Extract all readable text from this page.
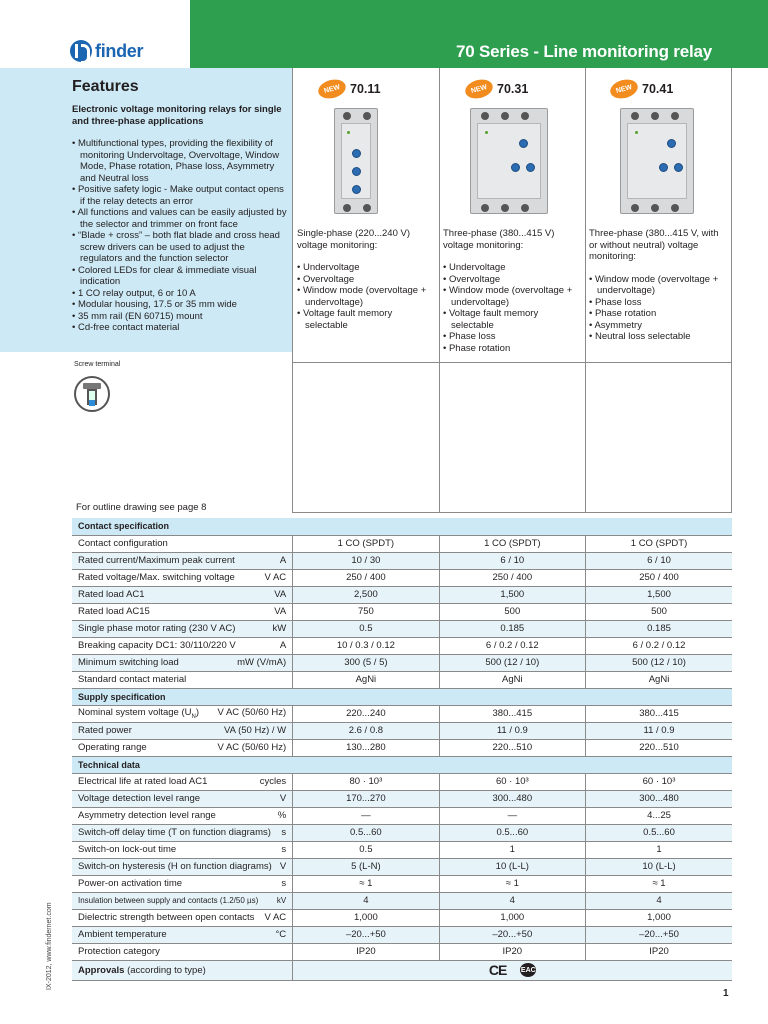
70 Series - Line monitoring relay
finder
Features
Electronic voltage monitoring relays for single and three-phase applications
• Multifunctional types, providing the flexibility of monitoring Undervoltage, Overvoltage, Window Mode, Phase rotation, Phase loss, Asymmetry and Neutral loss
• Positive safety logic - Make output contact opens if the relay detects an error
• All functions and values can be easily adjusted by the selector and trimmer on front face
• “Blade + cross” – both flat blade and cross head screw drivers can be used to adjust the regulators and the function selector
• Colored LEDs for clear & immediate visual indication
• 1 CO relay output, 6 or 10 A
• Modular housing, 17.5 or 35 mm wide
• 35 mm rail (EN 60715) mount
• Cd-free contact material
NEW 70.11
Single-phase (220...240 V) voltage monitoring:
• Undervoltage
• Overvoltage
• Window mode (overvoltage + undervoltage)
• Voltage fault memory selectable
NEW 70.31
Three-phase (380...415 V) voltage monitoring:
• Undervoltage
• Overvoltage
• Window mode (overvoltage + undervoltage)
• Voltage fault memory selectable
• Phase loss
• Phase rotation
NEW 70.41
Three-phase (380...415 V, with or without neutral) voltage monitoring:
• Window mode (overvoltage + undervoltage)
• Phase loss
• Phase rotation
• Asymmetry
• Neutral loss selectable
Screw terminal
For outline drawing see page 8
Contact specification			

Contact configuration	1 CO (SPDT)	1 CO (SPDT)	1 CO (SPDT)

Rated current/Maximum peak current A	10 / 30	6 / 10	6 / 10

Rated voltage/Max. switching voltage V AC	250 / 400	250 / 400	250 / 400

Rated load AC1 VA	2,500	1,500	1,500

Rated load AC15 VA	750	500	500

Single phase motor rating (230 V AC) kW	0.5	0.185	0.185

Breaking capacity DC1: 30/110/220 V A	10 / 0.3 / 0.12	6 / 0.2 / 0.12	6 / 0.2 / 0.12

Minimum switching load mW (V/mA)	300 (5 / 5)	500 (12 / 10)	500 (12 / 10)

Standard contact material	AgNi	AgNi	AgNi
Supply specification			

Nominal system voltage $(U_N)$ V AC (50/60 Hz)	220...240	380...415	380...415

Rated power VA (50 Hz) / W	2.6 / 0.8	11 / 0.9	11 / 0.9

Operating range V AC (50/60 Hz)	130...280	220...510	220...510
Technical data			

Electrical life at rated load AC1 cycles	80 · 10³	60 · 10³	60 · 10³

Voltage detection level range V	170...270	300...480	300...480

Asymmetry detection level range %	—	—	4...25

Switch-off delay time (T on function diagrams) s	0.5...60	0.5...60	0.5...60

Switch-on lock-out time s	0.5	1	1

Switch-on hysteresis (H on function diagrams) V	5 (L-N)	10 (L-L)	10 (L-L)

Power-on activation time s	≈ 1	≈ 1	≈ 1

Insulation between supply and contacts (1.2/50 µs) kV	4	4	4

Dielectric strength between open contacts V AC	1,000	1,000	1,000

Ambient temperature °C	–20...+50	–20...+50	–20...+50

Protection category	IP20	IP20	IP20
Approvals (according to type)	CE EAC		
IX-2012, www.findernet.com
1
